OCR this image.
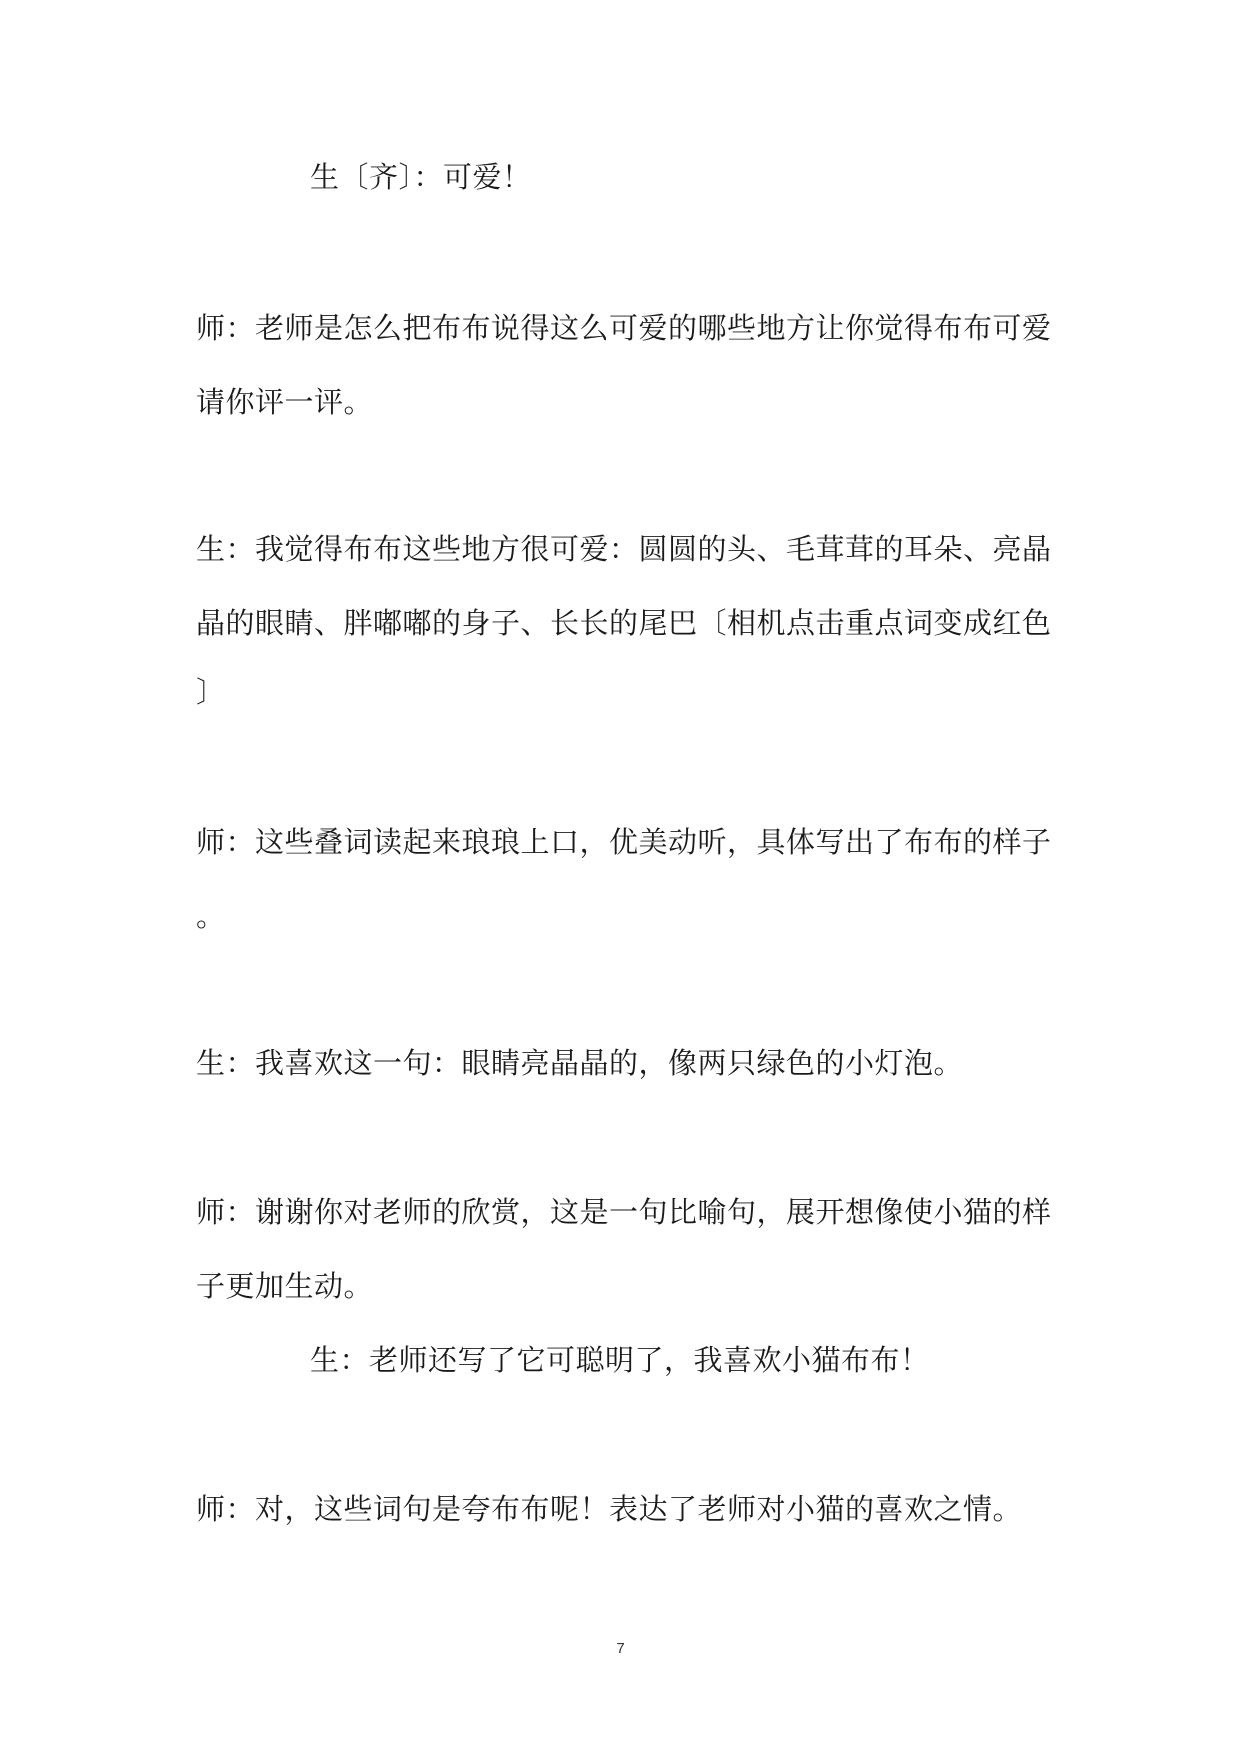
生〔齐〕：可爱！
师：老师是怎么把布布说得这么可爱的哪些地方让你觉得布布可爱
请你评一评。
生：我觉得布布这些地方很可爱：圆圆的头、毛茸茸的耳朵、亮晶
晶的眼睛、胖嘟嘟的身子、长长的尾巴〔相机点击重点词变成红色
〕
师：这些叠词读起来琅琅上口，优美动听，具体写出了布布的样子
。
生：我喜欢这一句：眼睛亮晶晶的，像两只绿色的小灯泡。
师：谢谢你对老师的欣赏，这是一句比喻句，展开想像使小猫的样
子更加生动。
生：老师还写了它可聪明了，我喜欢小猫布布！
师：对，这些词句是夸布布呢！表达了老师对小猫的喜欢之情。
7
